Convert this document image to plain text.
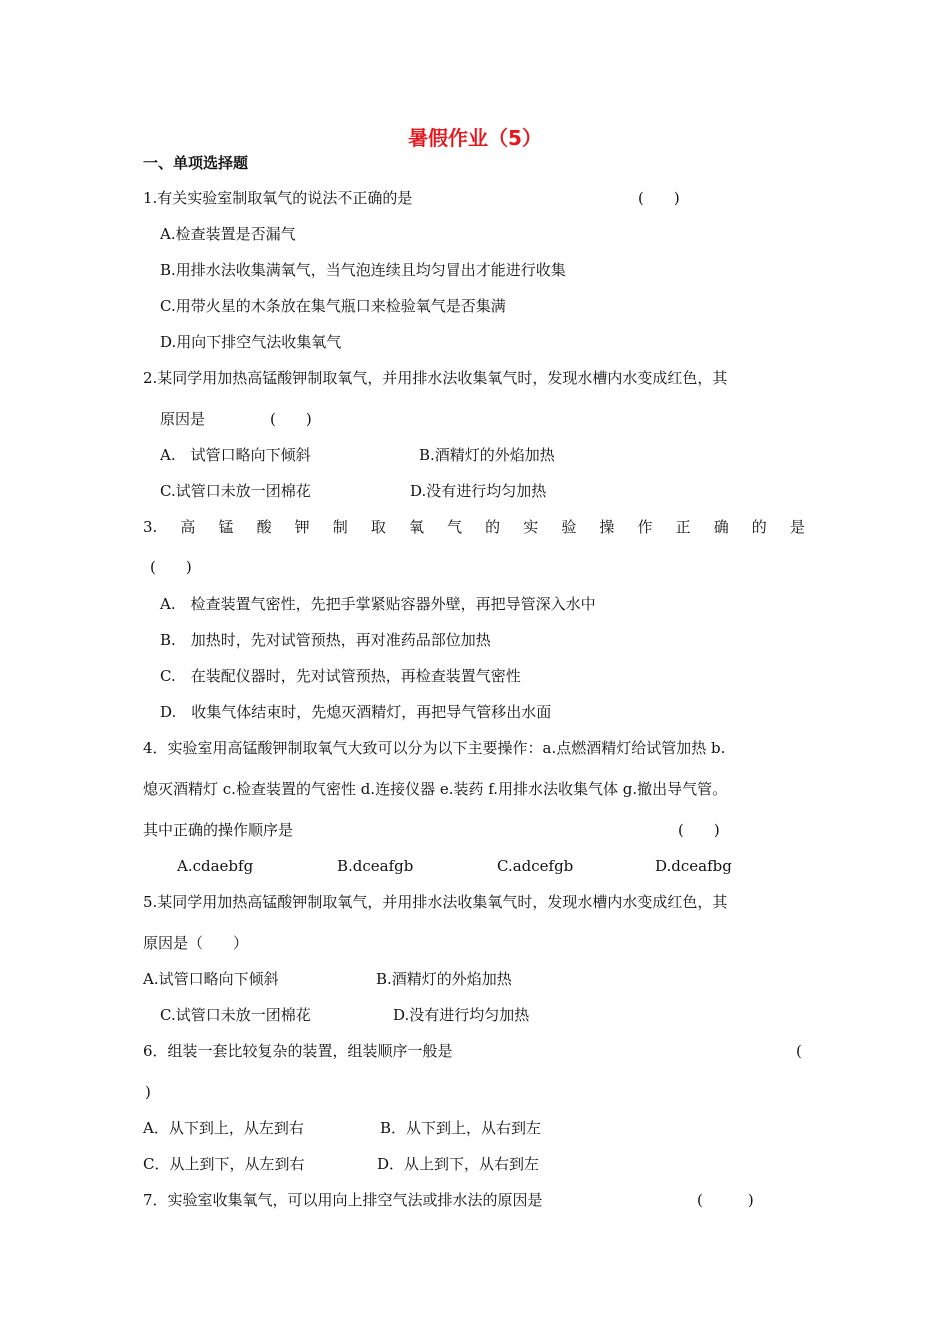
暑假作业（5）
一、单项选择题
1.有关实验室制取氧气的说法不正确的是	(　　)
A.检查装置是否漏气
B.用排水法收集满氧气，当气泡连续且均匀冒出才能进行收集
C.用带火星的木条放在集气瓶口来检验氧气是否集满
D.用向下排空气法收集氧气
2.某同学用加热高锰酸钾制取氧气，并用排水法收集氧气时，发现水槽内水变成红色，其
原因是	(　　)
A.　试管口略向下倾斜	B.酒精灯的外焰加热
C.试管口未放一团棉花	D.没有进行均匀加热
3. 高 锰 酸 钾 制 取 氧 气 的 实 验 操 作 正 确 的 是
(　　)
A.　检查装置气密性，先把手掌紧贴容器外壁，再把导管深入水中
B.　加热时，先对试管预热，再对准药品部位加热
C.　在装配仪器时，先对试管预热，再检查装置气密性
D.　收集气体结束时，先熄灭酒精灯，再把导气管移出水面
4．实验室用高锰酸钾制取氧气大致可以分为以下主要操作：a.点燃酒精灯给试管加热 b.
熄灭酒精灯 c.检查装置的气密性 d.连接仪器 e.装药 f.用排水法收集气体 g.撤出导气管。
其中正确的操作顺序是	(　　)
A.cdaebfg	B.dceafgb	C.adcefgb	D.dceafbg
5.某同学用加热高锰酸钾制取氧气，并用排水法收集氧气时，发现水槽内水变成红色，其
原因是（　　）
A.试管口略向下倾斜	B.酒精灯的外焰加热
C.试管口未放一团棉花	D.没有进行均匀加热
6．组装一套比较复杂的装置，组装顺序一般是	(
)
A．从下到上，从左到右	B．从下到上，从右到左
C．从上到下，从左到右	D．从上到下，从右到左
7．实验室收集氧气，可以用向上排空气法或排水法的原因是	(　　　)
